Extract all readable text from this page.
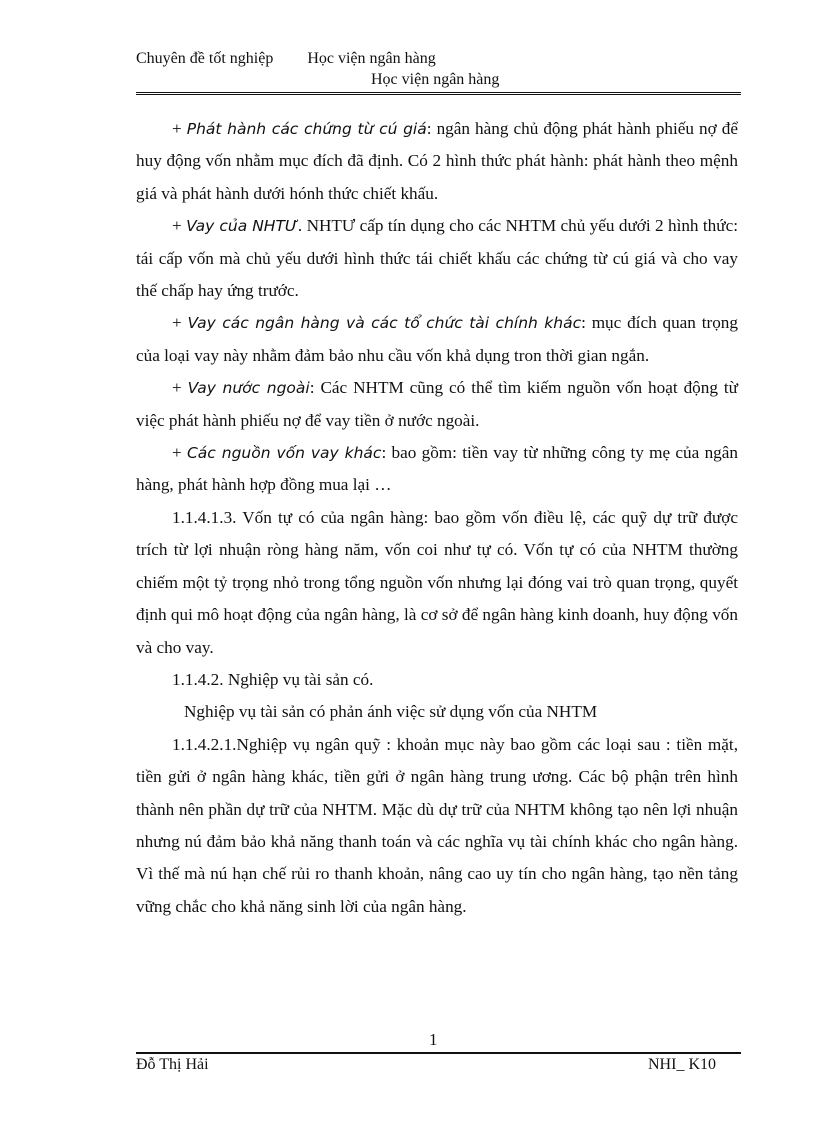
Chuyên đề tốt nghiệp Học viện ngân hàng
Học viện ngân hàng

+ Phát hành các chứng từ cú giá: ngân hàng chủ động phát hành phiếu nợ để huy động vốn nhằm mục đích đã định. Có 2 hình thức phát hành: phát hành theo mệnh giá và phát hành dưới hónh thức chiết khấu.

+ Vay của NHTƯ. NHTƯ cấp tín dụng cho các NHTM chủ yếu dưới 2 hình thức: tái cấp vốn mà chủ yếu dưới hình thức tái chiết khấu các chứng từ cú giá và cho vay thế chấp hay ứng trước.

+ Vay các ngân hàng và các tổ chức tài chính khác: mục đích quan trọng của loại vay này nhằm đảm bảo nhu cầu vốn khả dụng tron thời gian ngắn.

+ Vay nước ngoài: Các NHTM cũng có thể tìm kiếm nguồn vốn hoạt động từ việc phát hành phiếu nợ để vay tiền ở nước ngoài.

+ Các nguồn vốn vay khác: bao gồm: tiền vay từ những công ty mẹ của ngân hàng, phát hành hợp đồng mua lại …

1.1.4.1.3. Vốn tự có của ngân hàng: bao gồm vốn điều lệ, các quỹ dự trữ được trích từ lợi nhuận ròng hàng năm, vốn coi như tự có. Vốn tự có của NHTM thường chiếm một tỷ trọng nhỏ trong tổng nguồn vốn nhưng lại đóng vai trò quan trọng, quyết định qui mô hoạt động của ngân hàng, là cơ sở để ngân hàng kinh doanh, huy động vốn và cho vay.

1.1.4.2. Nghiệp vụ tài sản có.

Nghiệp vụ tài sản có phản ánh việc sử dụng vốn của NHTM

1.1.4.2.1.Nghiệp vụ ngân quỹ : khoản mục này bao gồm các loại sau : tiền mặt, tiền gửi ở ngân hàng khác, tiền gửi ở ngân hàng trung ương. Các bộ phận trên hình thành nên phần dự trữ của NHTM. Mặc dù dự trữ của NHTM không tạo nên lợi nhuận nhưng nú đảm bảo khả năng thanh toán và các nghĩa vụ tài chính khác cho ngân hàng. Vì thế mà nú hạn chế rủi ro thanh khoản, nâng cao uy tín cho ngân hàng, tạo nền tảng vững chắc cho khả năng sinh lời của ngân hàng.

1
Đỗ Thị Hải	NHI_ K10
